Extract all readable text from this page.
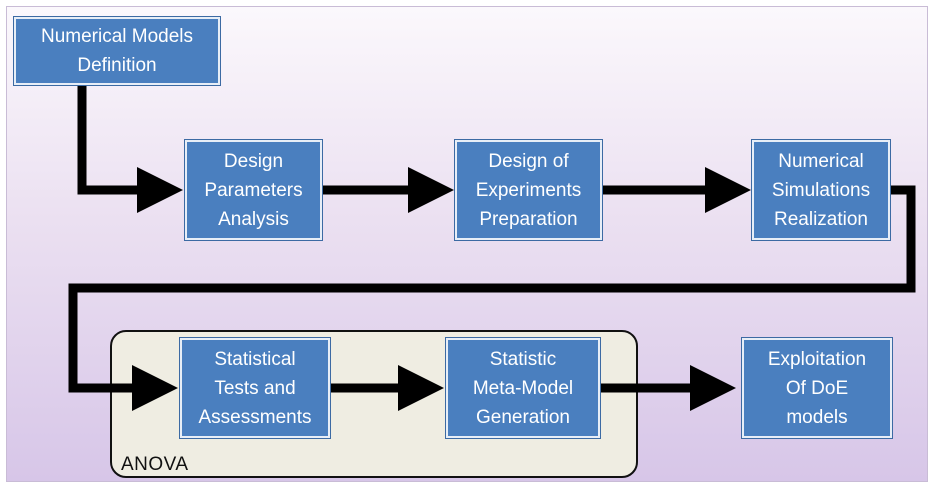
ANOVA
Numerical Models
Definition
Design
Parameters
Analysis
Design of
Experiments
Preparation
Numerical
Simulations
Realization
Statistical
Tests and
Assessments
Statistic
Meta-Model
Generation
Exploitation
Of DoE
models
